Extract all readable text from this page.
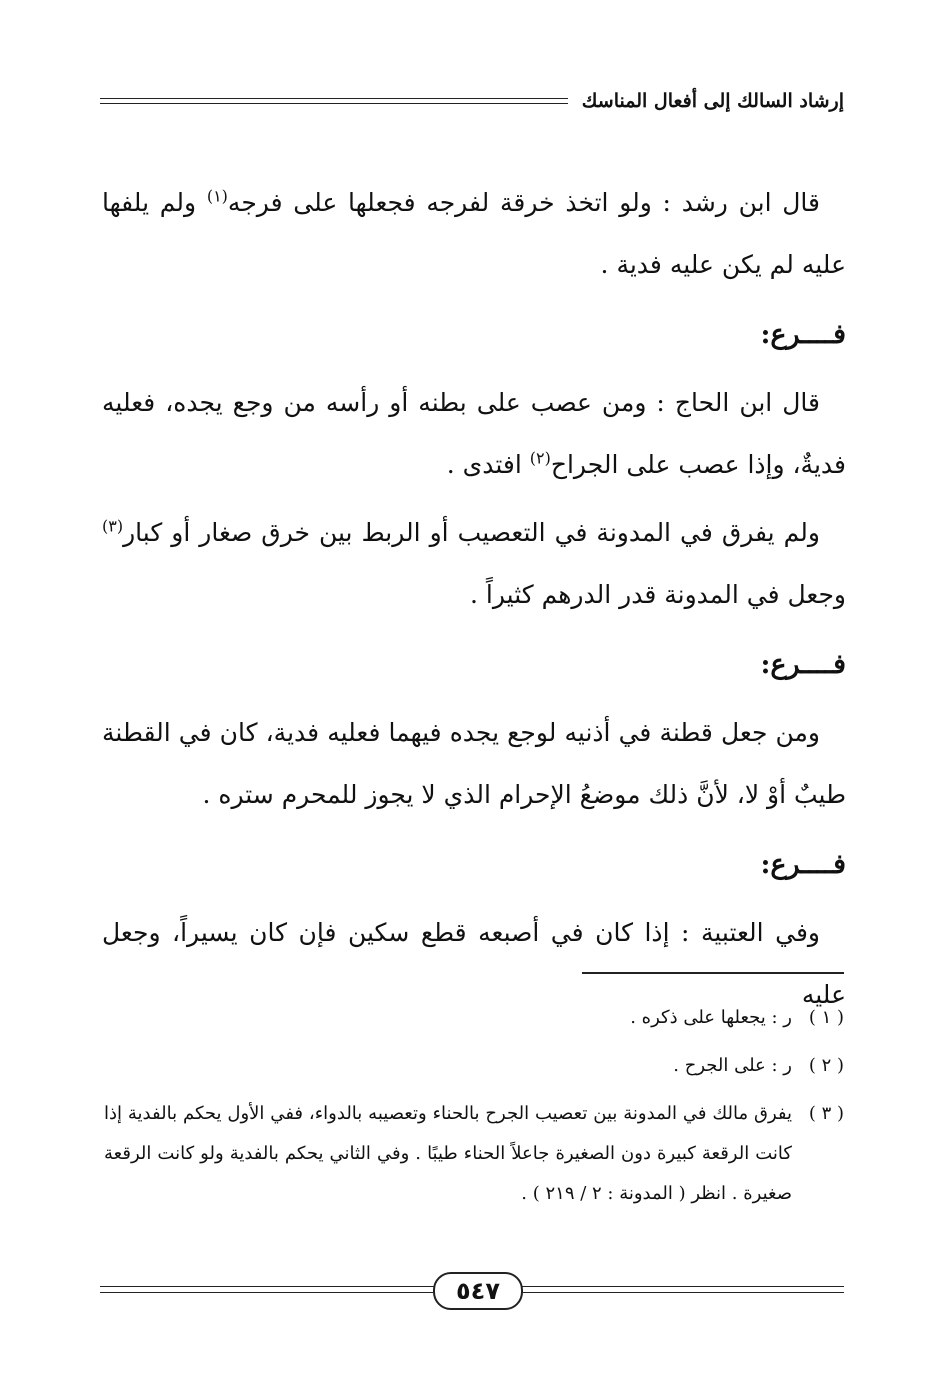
إرشاد السالك إلى أفعال المناسك

قال ابن رشد : ولو اتخذ خرقة لفرجه فجعلها على فرجه$^{(١)}$ ولم يلفها عليه لم يكن عليه فدية .

فــــرع:

قال ابن الحاج : ومن عصب على بطنه أو رأسه من وجع يجده، فعليه فديةٌ، وإذا عصب على الجراح$^{(٢)}$ افتدى .

ولم يفرق في المدونة في التعصيب أو الربط بين خرق صغار أو كبار$^{(٣)}$ وجعل في المدونة قدر الدرهم كثيراً .

فــــرع:

ومن جعل قطنة في أذنيه لوجع يجده فيهما فعليه فدية، كان في القطنة طيبٌ أوْ لا، لأنَّ ذلك موضعُ الإحرام الذي لا يجوز للمحرم ستره .

فــــرع:

وفي العتبية : إذا كان في أصبعه قطع سكين فإن كان يسيراً، وجعل عليه

( ١ )
ر : يجعلها على ذكره .
( ٢ )
ر : على الجرح .
( ٣ )
يفرق مالك في المدونة بين تعصيب الجرح بالحناء وتعصيبه بالدواء، ففي الأول يحكم بالفدية إذا كانت الرقعة كبيرة دون الصغيرة جاعلاً الحناء طيبًا . وفي الثاني يحكم بالفدية ولو كانت الرقعة صغيرة . انظر ( المدونة : ٢ / ٢١٩ ) .
٥٤٧
